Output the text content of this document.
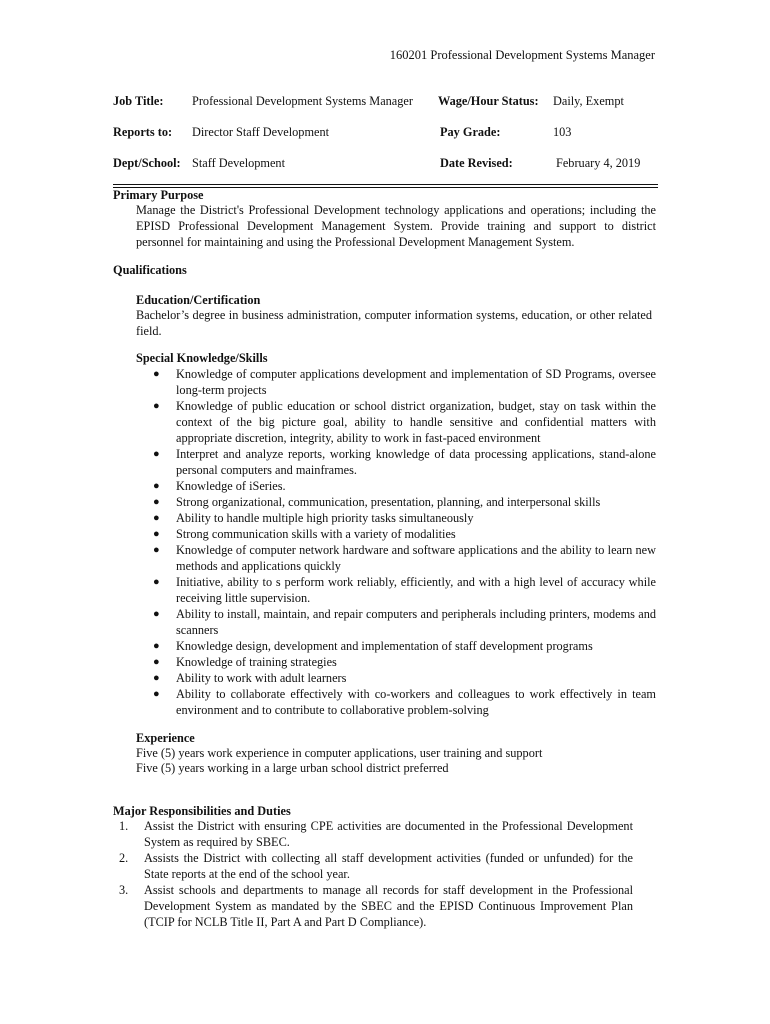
160201 Professional Development Systems Manager
Job Title: Professional Development Systems Manager Wage/Hour Status: Daily, Exempt
Reports to: Director Staff Development	Pay Grade:	103
Dept/School: Staff Development	Date Revised:	February 4, 2019
Primary Purpose
Manage the District's Professional Development technology applications and operations; including the EPISD Professional Development Management System. Provide training and support to district personnel for maintaining and using the Professional Development Management System.
Qualifications
Education/Certification
Bachelor’s degree in business administration, computer information systems, education, or other related field.
Special Knowledge/Skills
● Knowledge of computer applications development and implementation of SD Programs, oversee long-term projects
● Knowledge of public education or school district organization, budget, stay on task within the context of the big picture goal, ability to handle sensitive and confidential matters with appropriate discretion, integrity, ability to work in fast-paced environment
● Interpret and analyze reports, working knowledge of data processing applications, stand-alone personal computers and mainframes.
● Knowledge of iSeries.
● Strong organizational, communication, presentation, planning, and interpersonal skills
● Ability to handle multiple high priority tasks simultaneously
● Strong communication skills with a variety of modalities
● Knowledge of computer network hardware and software applications and the ability to learn new methods and applications quickly
● Initiative, ability to s perform work reliably, efficiently, and with a high level of accuracy while receiving little supervision.
● Ability to install, maintain, and repair computers and peripherals including printers, modems and scanners
● Knowledge design, development and implementation of staff development programs
● Knowledge of training strategies
● Ability to work with adult learners
● Ability to collaborate effectively with co-workers and colleagues to work effectively in team environment and to contribute to collaborative problem-solving
Experience
Five (5) years work experience in computer applications, user training and support
Five (5) years working in a large urban school district preferred
Major Responsibilities and Duties
1. Assist the District with ensuring CPE activities are documented in the Professional Development System as required by SBEC.
2. Assists the District with collecting all staff development activities (funded or unfunded) for the State reports at the end of the school year.
3. Assist schools and departments to manage all records for staff development in the Professional Development System as mandated by the SBEC and the EPISD Continuous Improvement Plan (TCIP for NCLB Title II, Part A and Part D Compliance).
